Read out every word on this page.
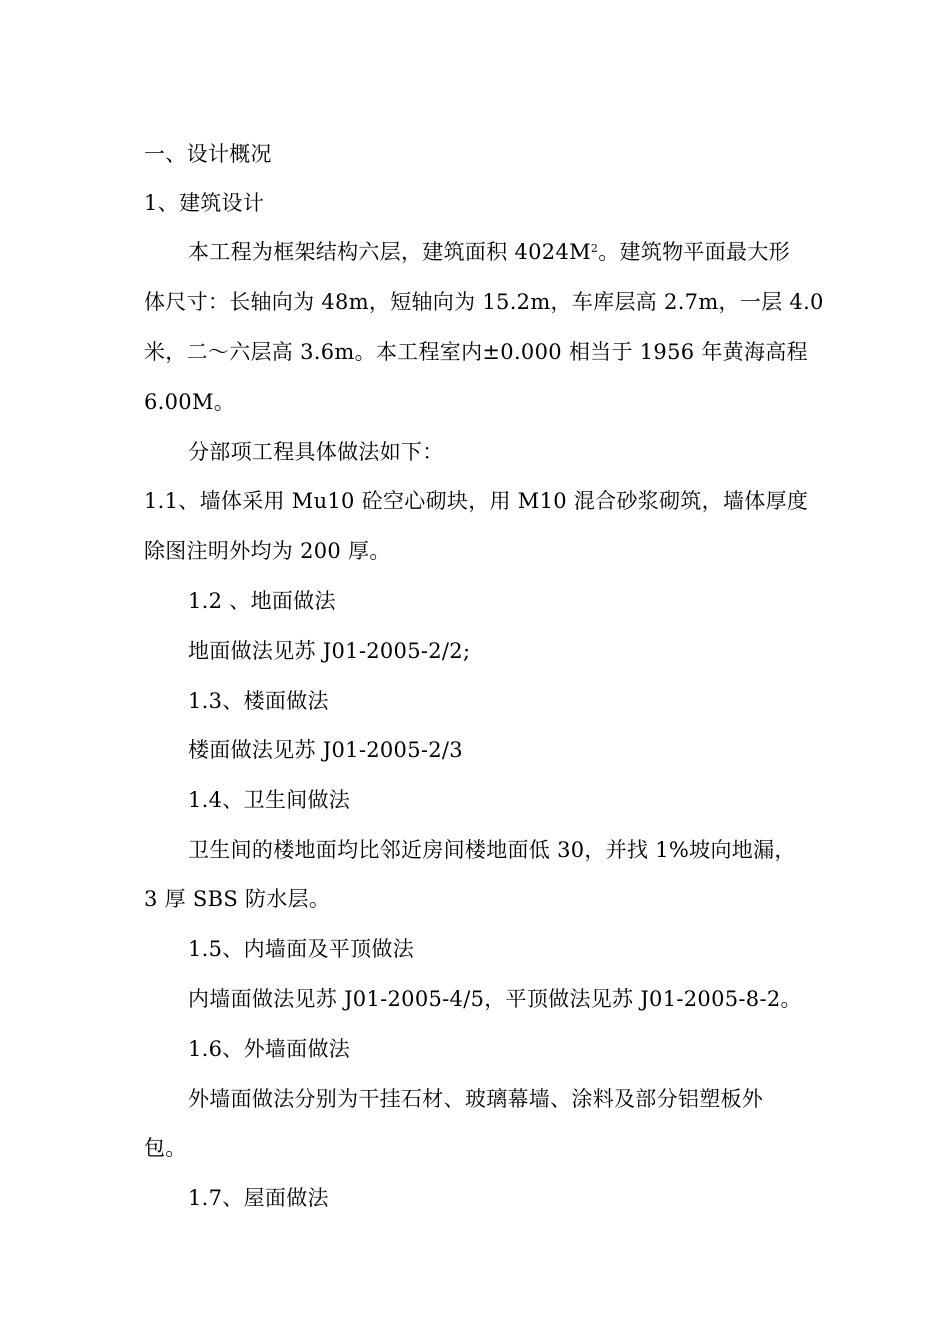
一、设计概况
1、建筑设计
本工程为框架结构六层，建筑面积 $4024M^2$。建筑物平面最大形
体尺寸：长轴向为 48m，短轴向为 15.2m，车库层高 2.7m，一层 4.0
米，二～六层高 3.6m。本工程室内±0.000 相当于 1956 年黄海高程
6.00M。
分部项工程具体做法如下：
1.1、墙体采用 Mu10 砼空心砌块，用 M10 混合砂浆砌筑，墙体厚度
除图注明外均为 200 厚。
1.2 、地面做法
地面做法见苏 J01-2005-2/2;
1.3、楼面做法
楼面做法见苏 J01-2005-2/3
1.4、卫生间做法
卫生间的楼地面均比邻近房间楼地面低 30，并找 1%坡向地漏，
3 厚 SBS 防水层。
1.5、内墙面及平顶做法
内墙面做法见苏 J01-2005-4/5，平顶做法见苏 J01-2005-8-2。
1.6、外墙面做法
外墙面做法分别为干挂石材、玻璃幕墙、涂料及部分铝塑板外
包。
1.7、屋面做法
